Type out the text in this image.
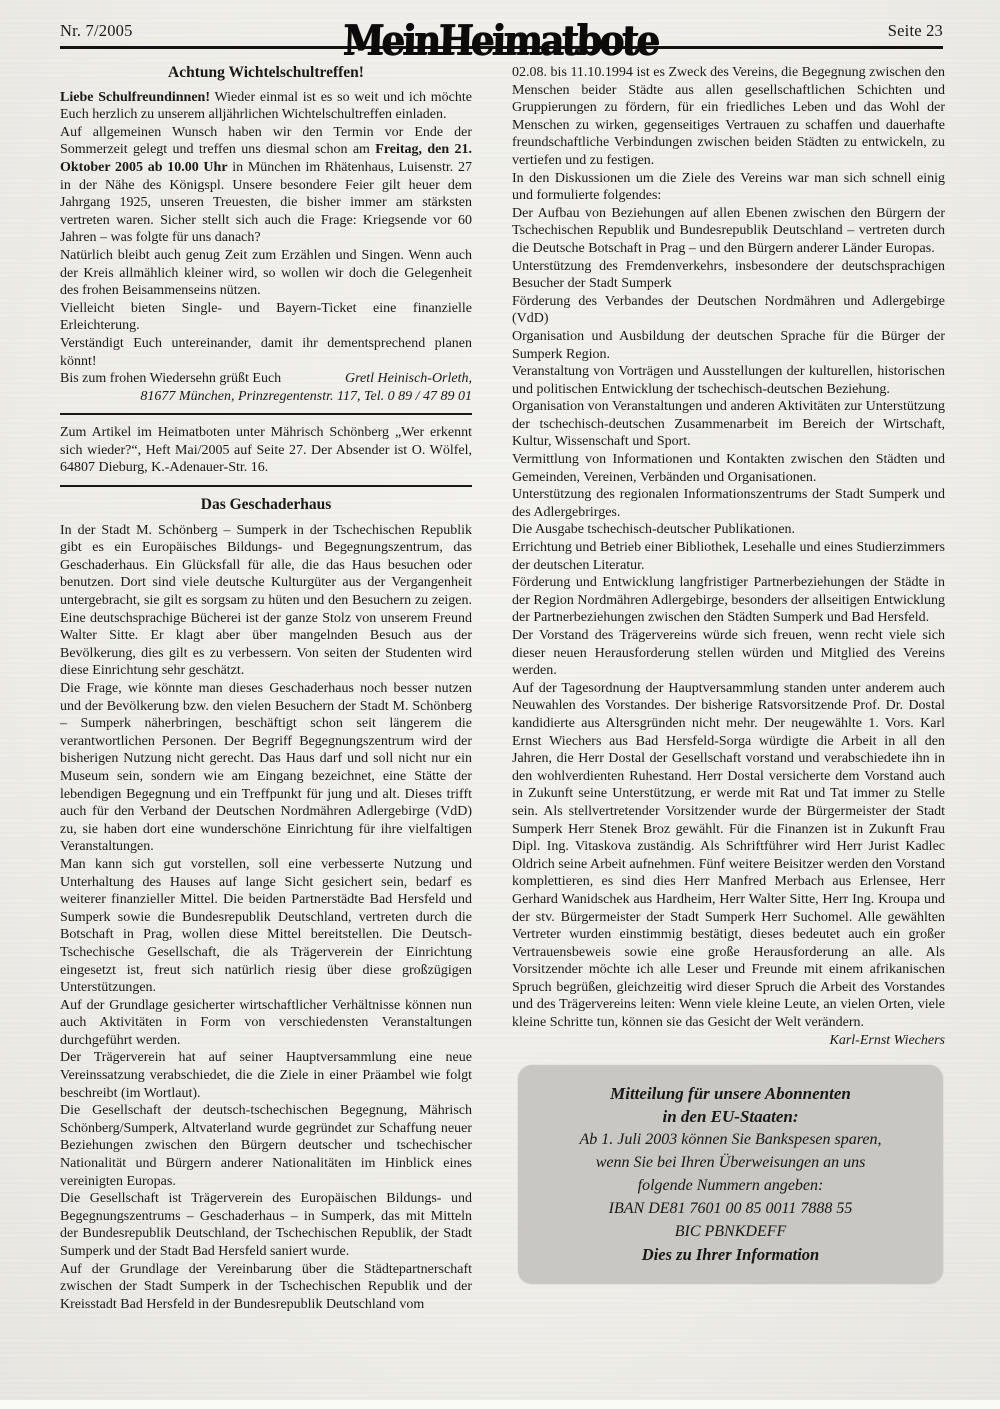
Nr. 7/2005	MeinHeimatbote	Seite 23
Achtung Wichtelschultreffen!

Liebe Schulfreundinnen! Wieder einmal ist es so weit und ich möchte Euch herzlich zu unserem alljährlichen Wichtelschultreffen einladen.

Auf allgemeinen Wunsch haben wir den Termin vor Ende der Sommerzeit gelegt und treffen uns diesmal schon am Freitag, den 21. Oktober 2005 ab 10.00 Uhr in München im Rhätenhaus, Luisenstr. 27 in der Nähe des Königspl. Unsere besondere Feier gilt heuer dem Jahrgang 1925, unseren Treuesten, die bisher immer am stärksten vertreten waren. Sicher stellt sich auch die Frage: Kriegsende vor 60 Jahren – was folgte für uns danach?

Natürlich bleibt auch genug Zeit zum Erzählen und Singen. Wenn auch der Kreis allmählich kleiner wird, so wollen wir doch die Gelegenheit des frohen Beisammenseins nützen.

Vielleicht bieten Single- und Bayern-Ticket eine finanzielle Erleichterung.

Verständigt Euch untereinander, damit ihr dementsprechend planen könnt!

Bis zum frohen Wiedersehn grüßt Euch	Gretl Heinisch-Orleth,

81677 München, Prinzregentenstr. 117, Tel. 0 89 / 47 89 01

Zum Artikel im Heimatboten unter Mährisch Schönberg „Wer erkennt sich wieder?“, Heft Mai/2005 auf Seite 27. Der Absender ist O. Wölfel, 64807 Dieburg, K.-Adenauer-Str. 16.

Das Geschaderhaus

In der Stadt M. Schönberg – Sumperk in der Tschechischen Republik gibt es ein Europäisches Bildungs- und Begegnungszentrum, das Geschaderhaus. Ein Glücksfall für alle, die das Haus besuchen oder benutzen. Dort sind viele deutsche Kulturgüter aus der Vergangenheit untergebracht, sie gilt es sorgsam zu hüten und den Besuchern zu zeigen. Eine deutschsprachige Bücherei ist der ganze Stolz von unserem Freund Walter Sitte. Er klagt aber über mangelnden Besuch aus der Bevölkerung, dies gilt es zu verbessern. Von seiten der Studenten wird diese Einrichtung sehr geschätzt.

Die Frage, wie könnte man dieses Geschaderhaus noch besser nutzen und der Bevölkerung bzw. den vielen Besuchern der Stadt M. Schönberg – Sumperk näherbringen, beschäftigt schon seit längerem die verantwortlichen Personen. Der Begriff Begegnungszentrum wird der bisherigen Nutzung nicht gerecht. Das Haus darf und soll nicht nur ein Museum sein, sondern wie am Eingang bezeichnet, eine Stätte der lebendigen Begegnung und ein Treffpunkt für jung und alt. Dieses trifft auch für den Verband der Deutschen Nordmähren Adlergebirge (VdD) zu, sie haben dort eine wunderschöne Einrichtung für ihre vielfaltigen Veranstaltungen.

Man kann sich gut vorstellen, soll eine verbesserte Nutzung und Unterhaltung des Hauses auf lange Sicht gesichert sein, bedarf es weiterer finanzieller Mittel. Die beiden Partnerstädte Bad Hersfeld und Sumperk sowie die Bundesrepublik Deutschland, vertreten durch die Botschaft in Prag, wollen diese Mittel bereitstellen. Die Deutsch-Tschechische Gesellschaft, die als Trägerverein der Einrichtung eingesetzt ist, freut sich natürlich riesig über diese großzügigen Unterstützungen.

Auf der Grundlage gesicherter wirtschaftlicher Verhältnisse können nun auch Aktivitäten in Form von verschiedensten Veranstaltungen durchgeführt werden.

Der Trägerverein hat auf seiner Hauptversammlung eine neue Vereinssatzung verabschiedet, die die Ziele in einer Präambel wie folgt beschreibt (im Wortlaut).

Die Gesellschaft der deutsch-tschechischen Begegnung, Mährisch Schönberg/Sumperk, Altvaterland wurde gegründet zur Schaffung neuer Beziehungen zwischen den Bürgern deutscher und tschechischer Nationalität und Bürgern anderer Nationalitäten im Hinblick eines vereinigten Europas.

Die Gesellschaft ist Trägerverein des Europäischen Bildungs- und Begegnungszentrums – Geschaderhaus – in Sumperk, das mit Mitteln der Bundesrepublik Deutschland, der Tschechischen Republik, der Stadt Sumperk und der Stadt Bad Hersfeld saniert wurde.

Auf der Grundlage der Vereinbarung über die Städtepartnerschaft zwischen der Stadt Sumperk in der Tschechischen Republik und der Kreisstadt Bad Hersfeld in der Bundesrepublik Deutschland vom

02.08. bis 11.10.1994 ist es Zweck des Vereins, die Begegnung zwischen den Menschen beider Städte aus allen gesellschaftlichen Schichten und Gruppierungen zu fördern, für ein friedliches Leben und das Wohl der Menschen zu wirken, gegenseitiges Vertrauen zu schaffen und dauerhafte freundschaftliche Verbindungen zwischen beiden Städten zu entwickeln, zu vertiefen und zu festigen.

In den Diskussionen um die Ziele des Vereins war man sich schnell einig und formulierte folgendes:

Der Aufbau von Beziehungen auf allen Ebenen zwischen den Bürgern der Tschechischen Republik und Bundesrepublik Deutschland – vertreten durch die Deutsche Botschaft in Prag – und den Bürgern anderer Länder Europas.

Unterstützung des Fremdenverkehrs, insbesondere der deutschsprachigen Besucher der Stadt Sumperk

Förderung des Verbandes der Deutschen Nordmähren und Adlergebirge (VdD)

Organisation und Ausbildung der deutschen Sprache für die Bürger der Sumperk Region.

Veranstaltung von Vorträgen und Ausstellungen der kulturellen, historischen und politischen Entwicklung der tschechisch-deutschen Beziehung.

Organisation von Veranstaltungen und anderen Aktivitäten zur Unterstützung der tschechisch-deutschen Zusammenarbeit im Bereich der Wirtschaft, Kultur, Wissenschaft und Sport.

Vermittlung von Informationen und Kontakten zwischen den Städten und Gemeinden, Vereinen, Verbänden und Organisationen.

Unterstützung des regionalen Informationszentrums der Stadt Sumperk und des Adlergebrirges.

Die Ausgabe tschechisch-deutscher Publikationen.

Errichtung und Betrieb einer Bibliothek, Lesehalle und eines Studierzimmers der deutschen Literatur.

Förderung und Entwicklung langfristiger Partnerbeziehungen der Städte in der Region Nordmähren Adlergebirge, besonders der allseitigen Entwicklung der Partnerbeziehungen zwischen den Städten Sumperk und Bad Hersfeld.

Der Vorstand des Trägervereins würde sich freuen, wenn recht viele sich dieser neuen Herausforderung stellen würden und Mitglied des Vereins werden.

Auf der Tagesordnung der Hauptversammlung standen unter anderem auch Neuwahlen des Vorstandes. Der bisherige Ratsvorsitzende Prof. Dr. Dostal kandidierte aus Altersgründen nicht mehr. Der neugewählte 1. Vors. Karl Ernst Wiechers aus Bad Hersfeld-Sorga würdigte die Arbeit in all den Jahren, die Herr Dostal der Gesellschaft vorstand und verabschiedete ihn in den wohlverdienten Ruhestand. Herr Dostal versicherte dem Vorstand auch in Zukunft seine Unterstützung, er werde mit Rat und Tat immer zu Stelle sein. Als stellvertretender Vorsitzender wurde der Bürgermeister der Stadt Sumperk Herr Stenek Broz gewählt. Für die Finanzen ist in Zukunft Frau Dipl. Ing. Vitaskova zuständig. Als Schriftführer wird Herr Jurist Kadlec Oldrich seine Arbeit aufnehmen. Fünf weitere Beisitzer werden den Vorstand komplettieren, es sind dies Herr Manfred Merbach aus Erlensee, Herr Gerhard Wanidschek aus Hardheim, Herr Walter Sitte, Herr Ing. Kroupa und der stv. Bürgermeister der Stadt Sumperk Herr Suchomel. Alle gewählten Vertreter wurden einstimmig bestätigt, dieses bedeutet auch ein großer Vertrauensbeweis sowie eine große Herausforderung an alle. Als Vorsitzender möchte ich alle Leser und Freunde mit einem afrikanischen Spruch begrüßen, gleichzeitig wird dieser Spruch die Arbeit des Vorstandes und des Trägervereins leiten: Wenn viele kleine Leute, an vielen Orten, viele kleine Schritte tun, können sie das Gesicht der Welt verändern.

Karl-Ernst Wiechers

Mitteilung für unsere Abonnenten
in den EU-Staaten:
Ab 1. Juli 2003 können Sie Bankspesen sparen,
wenn Sie bei Ihren Überweisungen an uns
folgende Nummern angeben:
IBAN DE81 7601 00 85 0011 7888 55
BIC PBNKDEFF
Dies zu Ihrer Information
